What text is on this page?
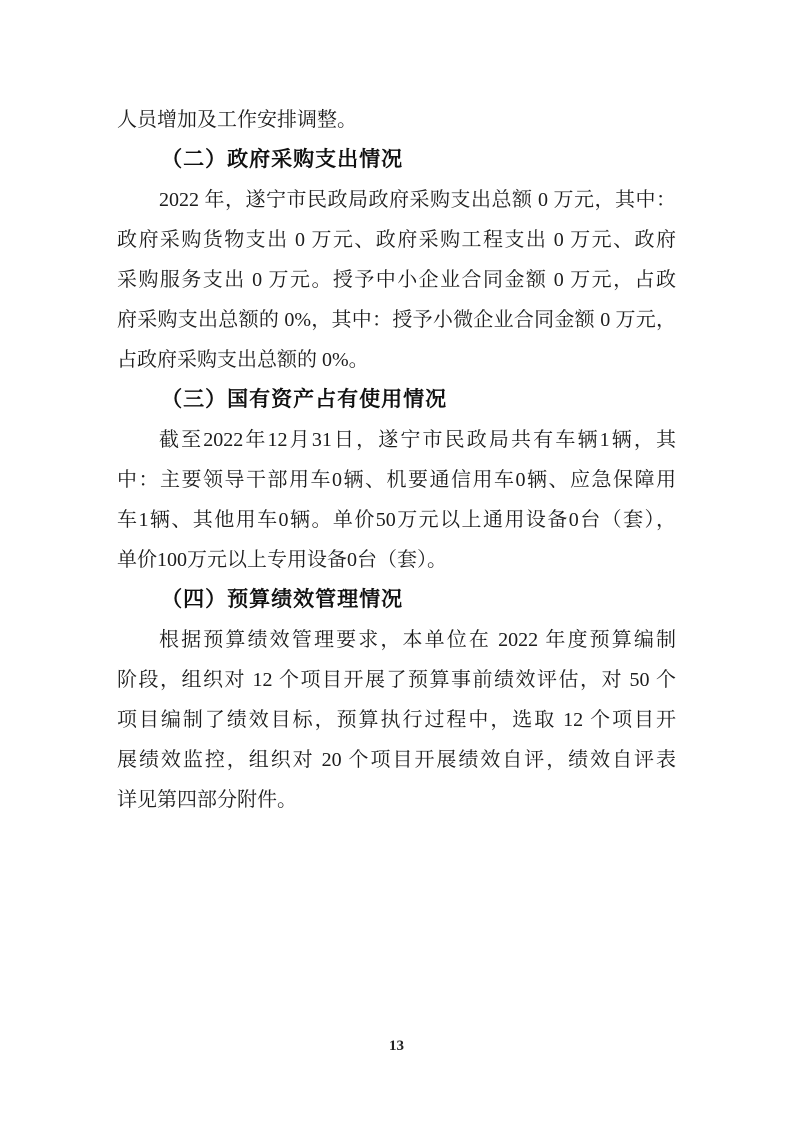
人员增加及工作安排调整。
（二）政府采购支出情况
2022 年，遂宁市民政局政府采购支出总额 0 万元，其中：
政府采购货物支出 0 万元、政府采购工程支出 0 万元、政府
采购服务支出 0 万元。授予中小企业合同金额 0 万元，占政
府采购支出总额的 0%，其中：授予小微企业合同金额 0 万元，
占政府采购支出总额的 0%。
（三）国有资产占有使用情况
截至2022年12月31日，遂宁市民政局共有车辆1辆，其
中：主要领导干部用车0辆、机要通信用车0辆、应急保障用
车1辆、其他用车0辆。单价50万元以上通用设备0台（套），
单价100万元以上专用设备0台（套）。
（四）预算绩效管理情况
根据预算绩效管理要求，本单位在 2022 年度预算编制
阶段，组织对 12 个项目开展了预算事前绩效评估，对 50 个
项目编制了绩效目标，预算执行过程中，选取 12 个项目开
展绩效监控，组织对 20 个项目开展绩效自评，绩效自评表
详见第四部分附件。
13
